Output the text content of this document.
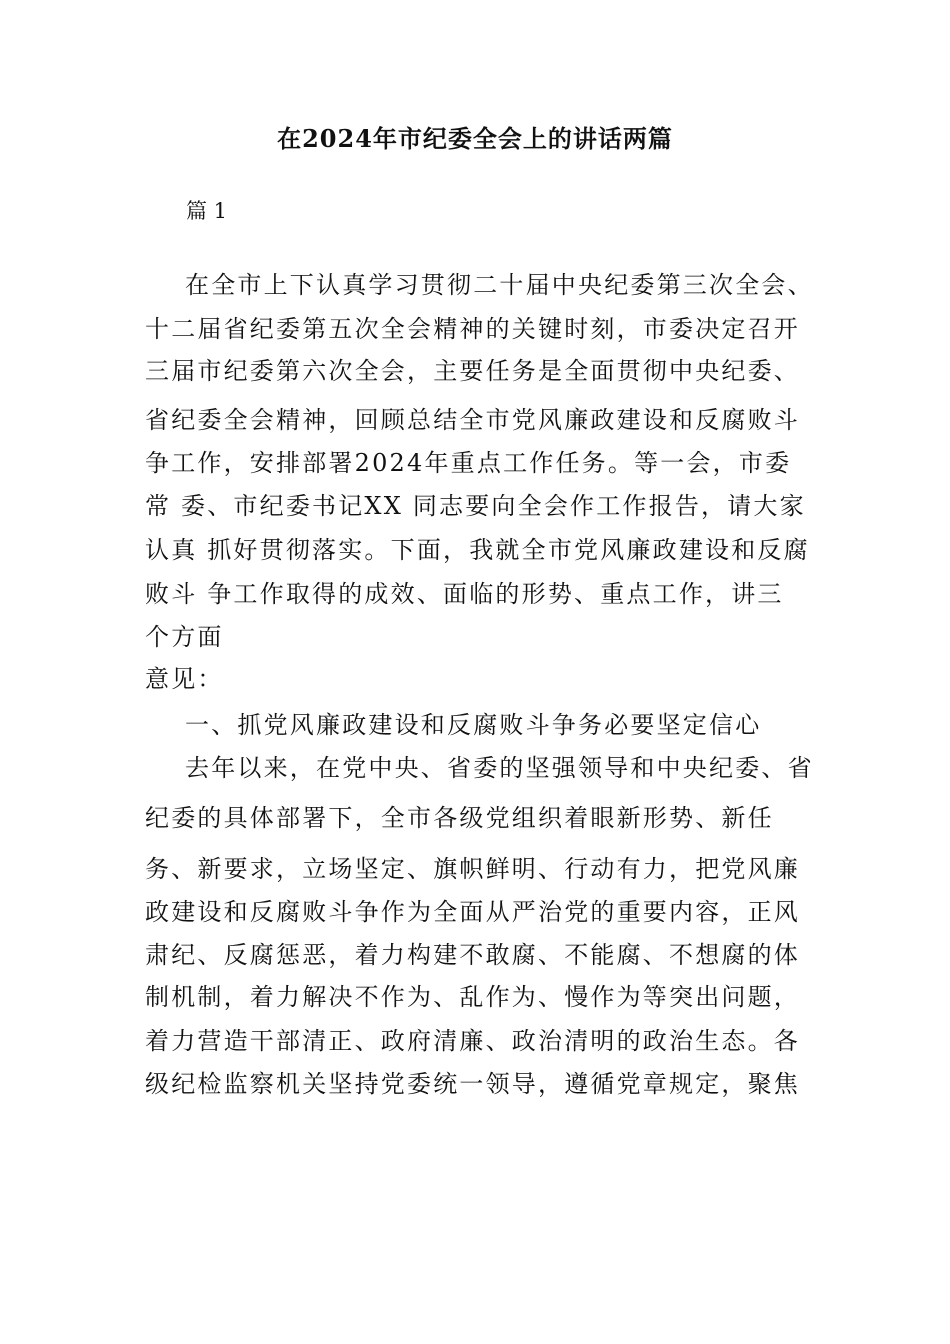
在2024年市纪委全会上的讲话两篇
篇 1
在全市上下认真学习贯彻二十届中央纪委第三次全会、
十二届省纪委第五次全会精神的关键时刻，市委决定召开
三届市纪委第六次全会，主要任务是全面贯彻中央纪委、
省纪委全会精神，回顾总结全市党风廉政建设和反腐败斗
争工作，安排部署2024年重点工作任务。等一会，市委
常 委、市纪委书记XX 同志要向全会作工作报告，请大家
认真 抓好贯彻落实。下面，我就全市党风廉政建设和反腐
败斗 争工作取得的成效、面临的形势、重点工作，讲三
个方面
意见：
一、抓党风廉政建设和反腐败斗争务必要坚定信心
去年以来，在党中央、省委的坚强领导和中央纪委、省
纪委的具体部署下，全市各级党组织着眼新形势、新任
务、新要求，立场坚定、旗帜鲜明、行动有力，把党风廉
政建设和反腐败斗争作为全面从严治党的重要内容，正风
肃纪、反腐惩恶，着力构建不敢腐、不能腐、不想腐的体
制机制，着力解决不作为、乱作为、慢作为等突出问题，
着力营造干部清正、政府清廉、政治清明的政治生态。各
级纪检监察机关坚持党委统一领导，遵循党章规定，聚焦
